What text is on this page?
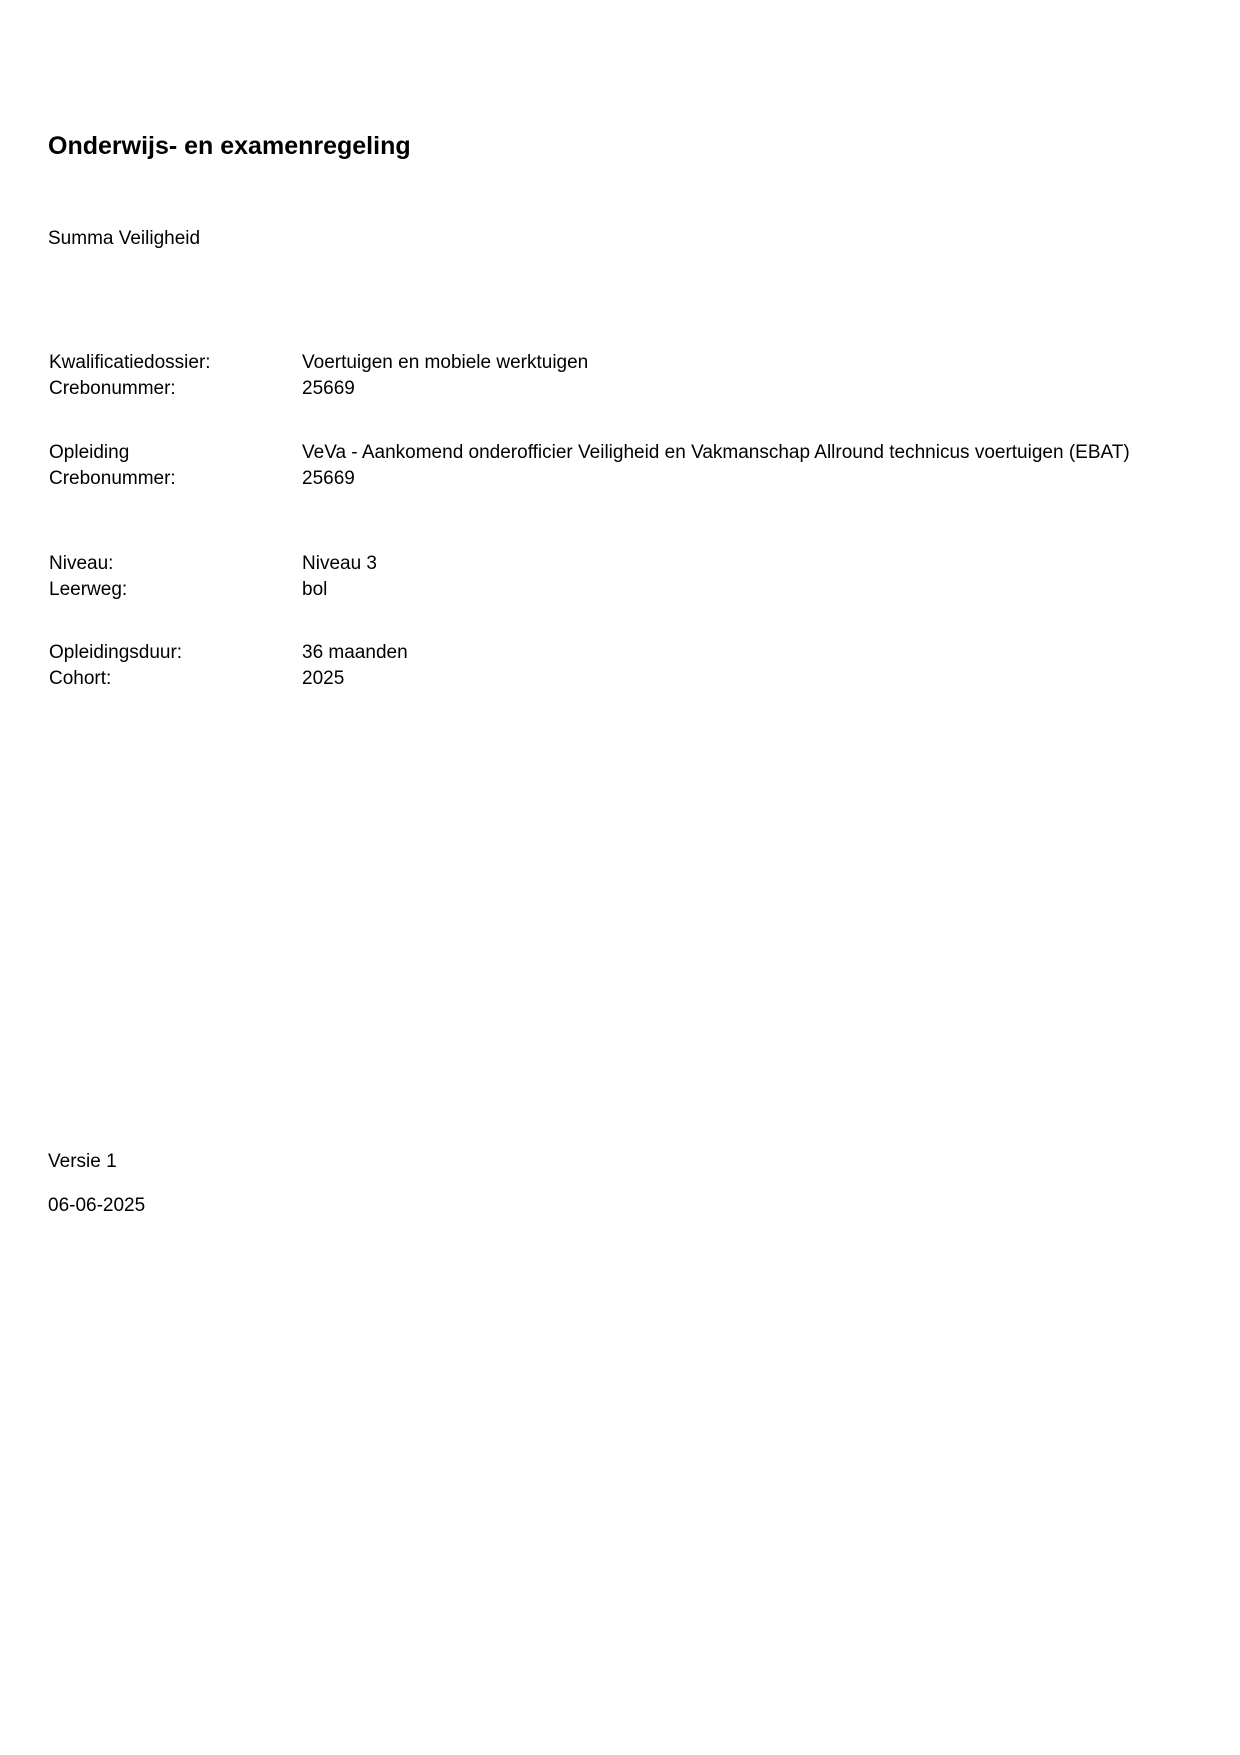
Onderwijs- en examenregeling
Summa Veiligheid
Kwalificatiedossier:	Voertuigen en mobiele werktuigen
Crebonummer:	25669
Opleiding	VeVa - Aankomend onderofficier Veiligheid en Vakmanschap Allround technicus voertuigen (EBAT)
Crebonummer:	25669
Niveau:	Niveau 3
Leerweg:	bol
Opleidingsduur:	36 maanden
Cohort:	2025
Versie 1
06-06-2025
